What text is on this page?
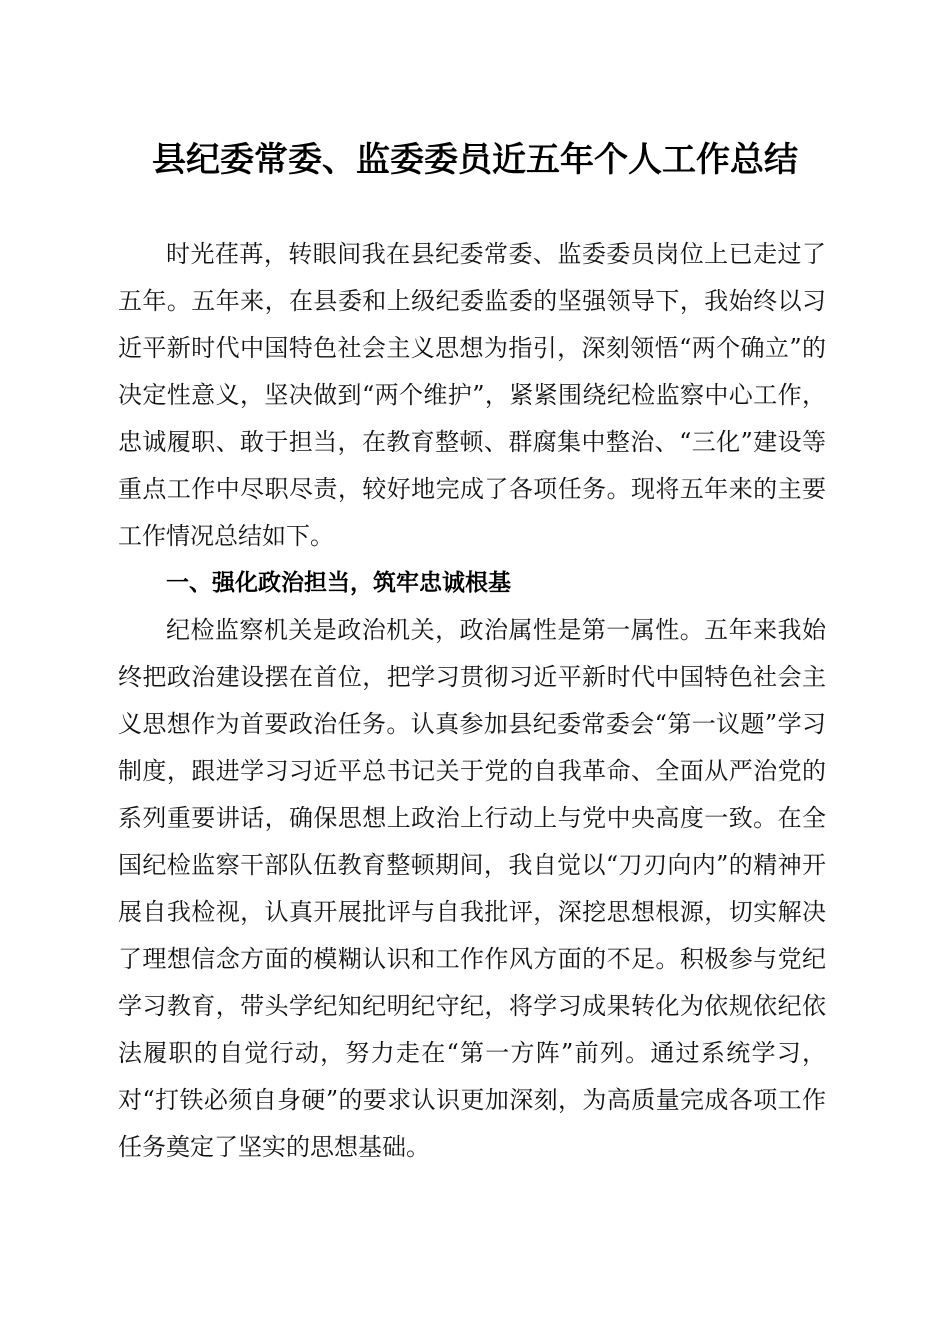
县纪委常委、监委委员近五年个人工作总结

时光荏苒，转眼间我在县纪委常委、监委委员岗位上已走过了五年。五年来，在县委和上级纪委监委的坚强领导下，我始终以习近平新时代中国特色社会主义思想为指引，深刻领悟“两个确立”的决定性意义，坚决做到“两个维护”，紧紧围绕纪检监察中心工作，忠诚履职、敢于担当，在教育整顿、群腐集中整治、“三化”建设等重点工作中尽职尽责，较好地完成了各项任务。现将五年来的主要工作情况总结如下。

一、强化政治担当，筑牢忠诚根基

纪检监察机关是政治机关，政治属性是第一属性。五年来我始终把政治建设摆在首位，把学习贯彻习近平新时代中国特色社会主义思想作为首要政治任务。认真参加县纪委常委会“第一议题”学习制度，跟进学习习近平总书记关于党的自我革命、全面从严治党的系列重要讲话，确保思想上政治上行动上与党中央高度一致。在全国纪检监察干部队伍教育整顿期间，我自觉以“刀刃向内”的精神开展自我检视，认真开展批评与自我批评，深挖思想根源，切实解决了理想信念方面的模糊认识和工作作风方面的不足。积极参与党纪学习教育，带头学纪知纪明纪守纪，将学习成果转化为依规依纪依法履职的自觉行动，努力走在“第一方阵”前列。通过系统学习，对“打铁必须自身硬”的要求认识更加深刻，为高质量完成各项工作任务奠定了坚实的思想基础。
